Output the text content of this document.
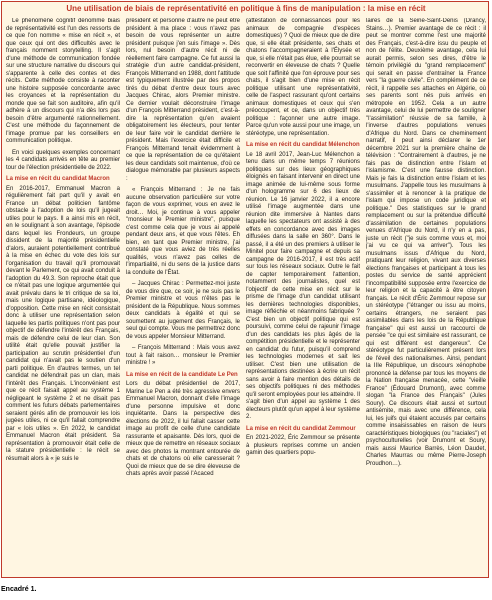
Une utilisation de biais de représentativité en politique à fins de manipulation : la mise en récit

Le phénomène cognitif dénommé biais de représentativité est l'un des ressorts de ce que l'on nomme « mise en récit », et que ceux qui ont des difficultés avec le français nomment storytelling. Il s'agit d'une méthode de communication fondée sur une structure narrative du discours qui s'apparente à celle des contes et des récits. Cette méthode consiste à raconter une histoire supposée concordante avec les croyances et la représentation du monde que se fait son auditoire, afin qu'il adhère à un discours qui n'a dès lors pas besoin d'être argumenté rationnellement. C'est une méthode du façonnement de l'image promue par les conseillers en communication politique.

En voici quelques exemples concernant les 4 candidats arrivés en tête au premier tour de l'élection présidentielle de 2022.

La mise en récit du candidat Macron

En 2016-2017, Emmanuel Macron a régulièrement fait part qu'il y avait en France un débat politicien fantôme obstacle à l'adoption de lois qu'il jugeait utiles pour le pays. Il a ainsi mis en récit, en le soulignant à son avantage, l'épisode dans lequel les Frondeurs, un groupe dissident de la majorité présidentielle d'alors, auraient potentiellement contribué à la mise en échec du vote des lois sur l'organisation du travail qu'il promouvait devant le Parlement, ce qui avait conduit à l'adoption du 49.3. Son reproche était que ce n'était pas une logique argumentée qui avait prévalu dans le tri critique de sa loi, mais une logique partisane, idéologique, d'opposition. Cette mise en récit consistait donc à utiliser une représentation selon laquelle les partis politiques n'ont pas pour objectif de défendre l'intérêt des Français, mais de défendre celui de leur clan. Son utilité était qu'elle pouvait justifier la participation au scrutin présidentiel d'un candidat qui n'avait pas le soutien d'un parti politique. En d'autres termes, un tel candidat ne défendrait pas un clan, mais l'intérêt des Français. L'inconvénient est que ce récit faisait appel au système 1 négligeant le système 2 et ne disait pas comment les futurs débats parlementaires seraient gérés afin de promouvoir les lois jugées utiles, ni ce qu'il fallait comprendre par « lois utiles ». En 2022, le candidat Emmanuel Macron était président. Sa représentation à promouvoir était celle de la stature présidentielle : le récit se résumait alors à « je suis le

président et personne d'autre ne peut être président à ma place : vous n'avez pas besoin de vous représenter un autre président puisque j'en suis l'image ». Dès lors, nul besoin d'autre récit ni de réellement faire campagne. Ce fut aussi la stratégie d'un autre candidat-président, François Mitterrand en 1988, dont l'attitude est typiquement illustrée par des propos tirés du débat d'entre deux tours avec Jacques Chirac, alors Premier ministre. Ce dernier voulait déconstruire l'image d'un François Mitterrand président, c'est-à-dire la représentation qu'en avaient obligatoirement les électeurs, pour tenter de leur faire voir le candidat derrière le président. Mais l'exercice était difficile et François Mitterrand tenait évidemment à ce que la représentation de ce qu'étaient les deux candidats soit maintenue, d'où ce dialogue mémorable par plusieurs aspects :

« François Mitterrand : Je ne fais aucune observation particulière sur votre façon de vous exprimer, vous en avez le droit… Moi, je continue à vous appeler "monsieur le Premier ministre", puisque c'est comme cela que je vous ai appelé pendant deux ans, et que vous l'êtes. Eh bien, en tant que Premier ministre, j'ai constaté que vous aviez de très réelles qualités, vous n'avez pas celles de l'impartialité, ni du sens de la justice dans la conduite de l'État.

– Jacques Chirac : Permettez-moi juste de vous dire que, ce soir, je ne suis pas le Premier ministre et vous n'êtes pas le président de la République. Nous sommes deux candidats à égalité et qui se soumettent au jugement des Français, le seul qui compte. Vous me permettrez donc de vous appeler Monsieur Mitterrand.

– François Mitterrand : Mais vous avez tout à fait raison… monsieur le Premier ministre ! »

La mise en récit de la candidate Le Pen

Lors du débat présidentiel de 2017, Marine Le Pen a été très agressive envers Emmanuel Macron, donnant d'elle l'image d'une personne impulsive et donc inquiétante. Dans la perspective des élections de 2022, il lui fallait casser cette image au profit de celle d'une candidate rassurante et apaisante. Dès lors, quoi de mieux que de remettre en réseaux sociaux avec des photos la montrant entourée de chats et de chatons où elle caresserait ? Quoi de mieux que de se dire éleveuse de chats après avoir passé l'Acaced

(attestation de connaissances pour les animaux de compagnie d'espèces domestiques) ? Quoi de mieux que de dire que, si elle était présidente, ses chats et chatons l'accompagneraient à l'Élysée et que, si elle n'était pas élue, elle pourrait se reconvertir en éleveuse de chats ? Quelle que soit l'affinité que l'on éprouve pour ses chats, il s'agit bien d'une mise en récit politique utilisant une représentativité, celle de l'aspect rassurant qu'ont certains animaux domestiques et ceux qui s'en préoccupent, et ce, dans un objectif très politique : façonner une autre image. Parce qu'un vote aussi pour une image, un stéréotype, une représentation.

La mise en récit du candidat Mélenchon

Le 18 avril 2017, Jean-Luc Mélenchon a tenu dans un même temps 7 réunions politiques sur des lieux géographiques éloignés en faisant intervenir en direct une image animée de lui-même sous forme d'un hologramme sur 6 des lieux de réunion. Le 16 janvier 2022, il a encore utilisé l'image augmentée dans une réunion dite immersive à Nantes dans laquelle les spectateurs ont assisté à des effets en concordance avec des images diffusées dans la salle en 360°. Dans le passé, il a été un des premiers à utiliser le Minitel pour faire campagne et depuis sa campagne de 2016-2017, il est très actif sur tous les réseaux sociaux. Outre le fait de capter temporairement l'attention, notamment des journalistes, quel est l'objectif de cette mise en récit sur le prisme de l'image d'un candidat utilisant les dernières technologies disponibles, image réfléchie et néanmoins fabriquée ? C'est bien un objectif politique qui est poursuivi, comme celui de rajeunir l'image d'un des candidats les plus âgés de la compétition présidentielle et le représenter en candidat du futur, puisqu'il comprend les technologies modernes et sait les utiliser. C'est bien une utilisation de représentations destinées à écrire un récit sans avoir à faire mention des détails de ses objectifs politiques ni des méthodes qu'il seront employées pour les atteindre. Il s'agit bien d'un appel au système 1 des électeurs plutôt qu'un appel à leur système 2.

La mise en récit du candidat Zemmour

En 2021-2022, Éric Zemmour se présente à plusieurs reprises comme un ancien gamin des quartiers popu-

laires de la Seine-Saint-Denis (Drancy, Stains…). Premier avantage de ce récit : il peut se montrer comme l'est une majorité des Français, c'est-à-dire issu du peuple et non de l'élite. Deuxième avantage, cela lui aurait permis, selon ses dires, d'être le témoin privilégié du "grand remplacement" qui serait en passe d'entraîner la France vers "la guerre civile". En complément de ce récit, il rappelle ses attaches en Algérie, où ses parents sont nés puis arrivés en métropole en 1952. Cela a un autre avantage, celui de lui permettre de souligner "l'assimilation" réussie de sa famille, à l'inverse d'autres populations venues d'Afrique du Nord. Dans ce cheminement narratif, il peut ainsi déclarer le 1er décembre 2021 sur la première chaîne de télévision : "Contrairement à d'autres, je ne fais pas de distinction entre l'islam et l'islamisme. C'est une fausse distinction. Mais je fais la distinction entre l'islam et les musulmans. J'appelle tous les musulmans à s'assimiler et à renoncer à la pratique de l'islam qui impose un code juridique et politique." Des statistiques sur le grand remplacement ou sur la prétendue difficulté d'assimilation de certaines populations venues d'Afrique du Nord, il n'y en a pas, juste un récit ("je suis comme vous et, moi j'ai vu ce qui va arriver"). Tous les musulmans issus d'Afrique du Nord, pratiquant leur religion, vivant aux diverses élections françaises et participant à tous les postes du service de santé apprécient l'incompatibilité supposée entre l'exercice de leur religion et la capacité à être citoyen français. Le récit d'Éric Zemmour repose sur un stéréotype ("étranger ou issu au moins, certains étrangers, ne seraient pas assimilables dans les lois de la République française" qui est aussi un raccourci de pensée "ce qui est similaire est rassurant, ce qui est différent est dangereux". Ce stéréotype fut particulièrement présent lors de l'éveil des nationalismes. Ainsi, pendant la IIIe République, un discours xénophobe prononcé la défense par tous les moyens de la Nation française menacée, cette "vieille France" (Édouard Drumont), avec comme slogan "la France des Français" (Jules Soury). Ce discours était aussi et surtout antisémite, mais avec une différence, cela lui, les juifs qui étaient accusés par certains comme insaisissables en raison de leurs caractéristiques biologiques (ou "raciales") et psychoculturelles (voir Drumont et Soury, mais aussi Maurice Barrès, Léon Daudet, Charles Maurras ou même Pierre-Joseph Proudhon…).

Encadré 1.
